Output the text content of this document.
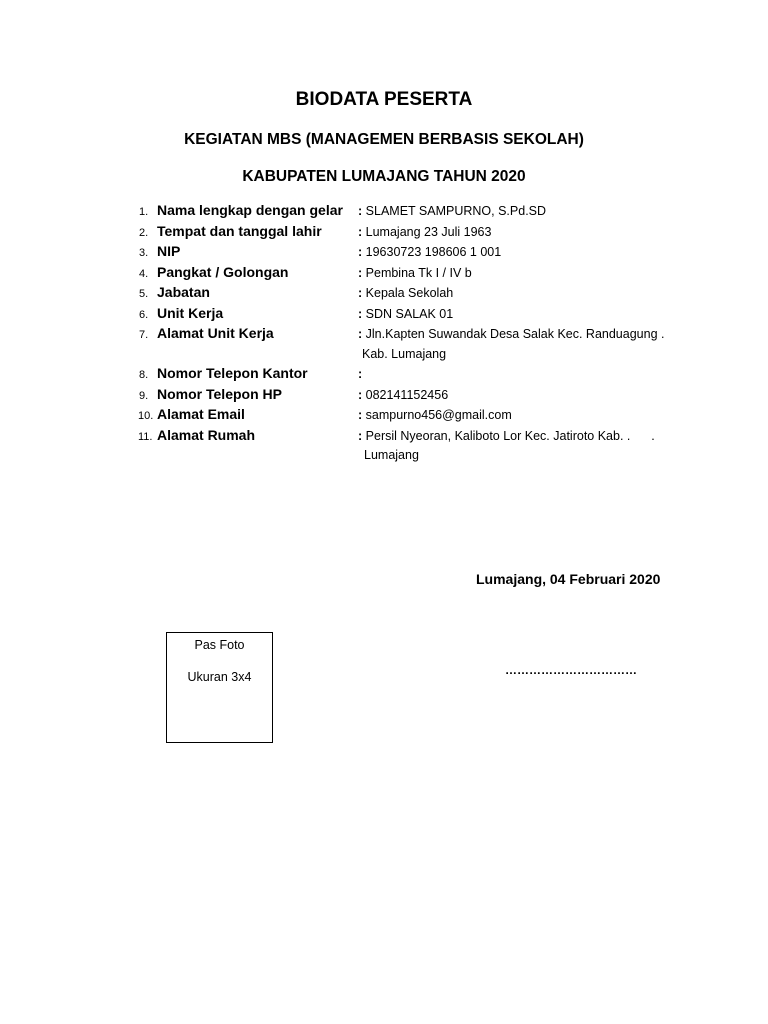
BIODATA PESERTA
KEGIATAN MBS (MANAGEMEN BERBASIS SEKOLAH)
KABUPATEN LUMAJANG TAHUN 2020
1. Nama lengkap dengan gelar : SLAMET SAMPURNO, S.Pd.SD
2. Tempat dan tanggal lahir	: Lumajang 23 Juli 1963
3. NIP	: 19630723 198606 1 001
4. Pangkat / Golongan	: Pembina Tk I / IV b
5. Jabatan	: Kepala Sekolah
6. Unit Kerja	: SDN SALAK 01
7. Alamat Unit Kerja	: Jln.Kapten Suwandak Desa Salak Kec. Randuagung .
Kab. Lumajang
8. Nomor Telepon Kantor	:
9. Nomor Telepon HP	: 082141152456
10. Alamat Email	: sampurno456@gmail.com
11. Alamat Rumah	: Persil Nyeoran, Kaliboto Lor Kec. Jatiroto Kab. .      .
Lumajang
Lumajang, 04 Februari 2020
Pas Foto
Ukuran 3x4	……………………………
